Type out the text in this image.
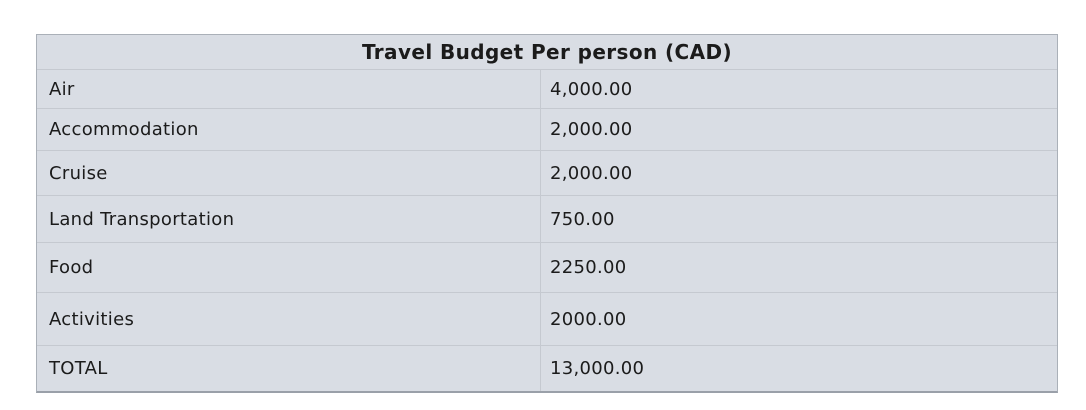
Travel Budget Per person (CAD)
Air	4,000.00
Accommodation	2,000.00
Cruise	2,000.00
Land Transportation	750.00
Food	2250.00
Activities	2000.00
TOTAL	13,000.00
